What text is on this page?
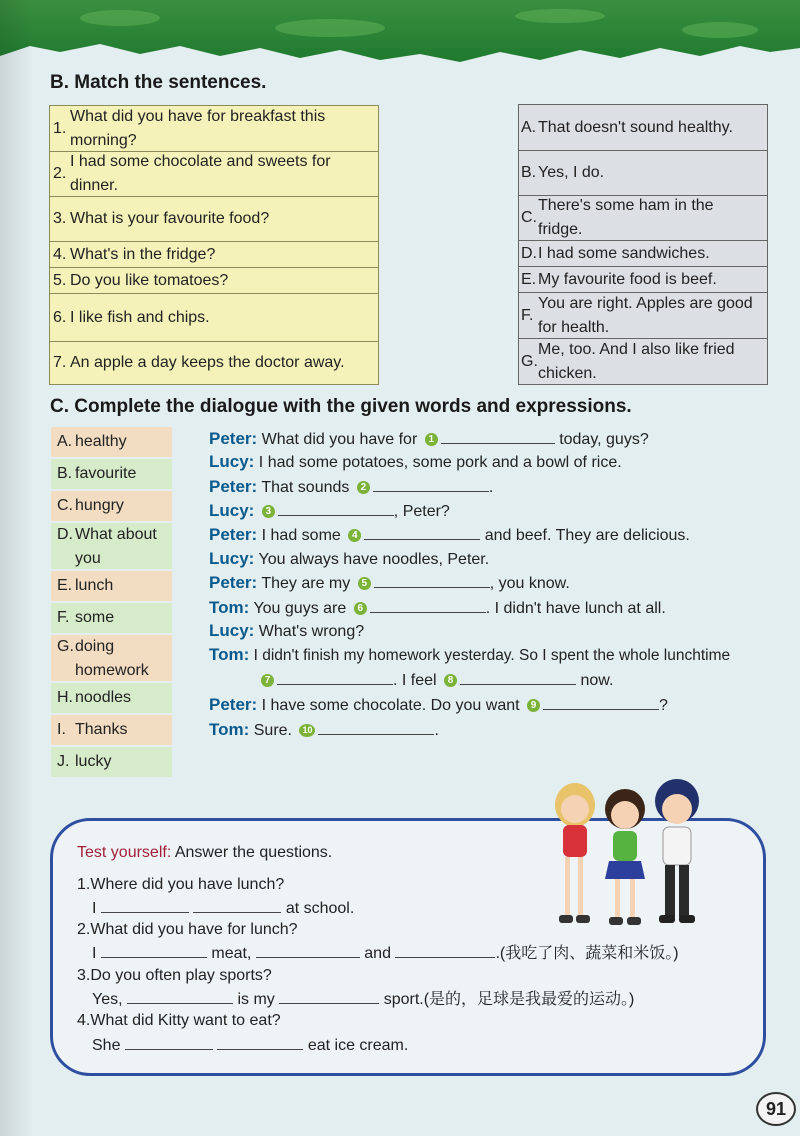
B. Match the sentences.
1.
What did you have for breakfast this
morning?
2.
I had some chocolate and sweets for
dinner.
3. What is your favourite food?
4. What's in the fridge?
5. Do you like tomatoes?
6. I like fish and chips.
7. An apple a day keeps the doctor away.
A. That doesn't sound healthy.
B. Yes, I do.
C.
There's some ham in the
fridge.
D. I had some sandwiches.
E. My favourite food is beef.
F.
You are right. Apples are good
for health.
G.
Me, too. And I also like fried
chicken.
C. Complete the dialogue with the given words and expressions.
A. healthy
B. favourite
C. hungry
D. What about
you
E. lunch
F. some
G. doing
homework
H. noodles
I. Thanks
J. lucky
Peter: What did you have for 1	today, guys?
Lucy: I had some potatoes, some pork and a bowl of rice.
Peter: That sounds 2	.
Lucy: 3	, Peter?
Peter: I had some 4	and beef. They are delicious.
Lucy: You always have noodles, Peter.
Peter: They are my 5	, you know.
Tom: You guys are 6	. I didn't have lunch at all.
Lucy: What's wrong?
Tom: I didn't finish my homework yesterday. So I spent the whole lunchtime
7	. I feel 8	now.
Peter: I have some chocolate. Do you want 9	?
Tom: Sure. 10	.
Test yourself: Answer the questions.
1.Where did you have lunch?
I	at school.
2.What did you have for lunch?
I	meat,	and	.(我吃了肉、蔬菜和米饭。)
3.Do you often play sports?
Yes,	is my	sport.(是的，足球是我最爱的运动。)
4.What did Kitty want to eat?
She	eat ice cream.
91
